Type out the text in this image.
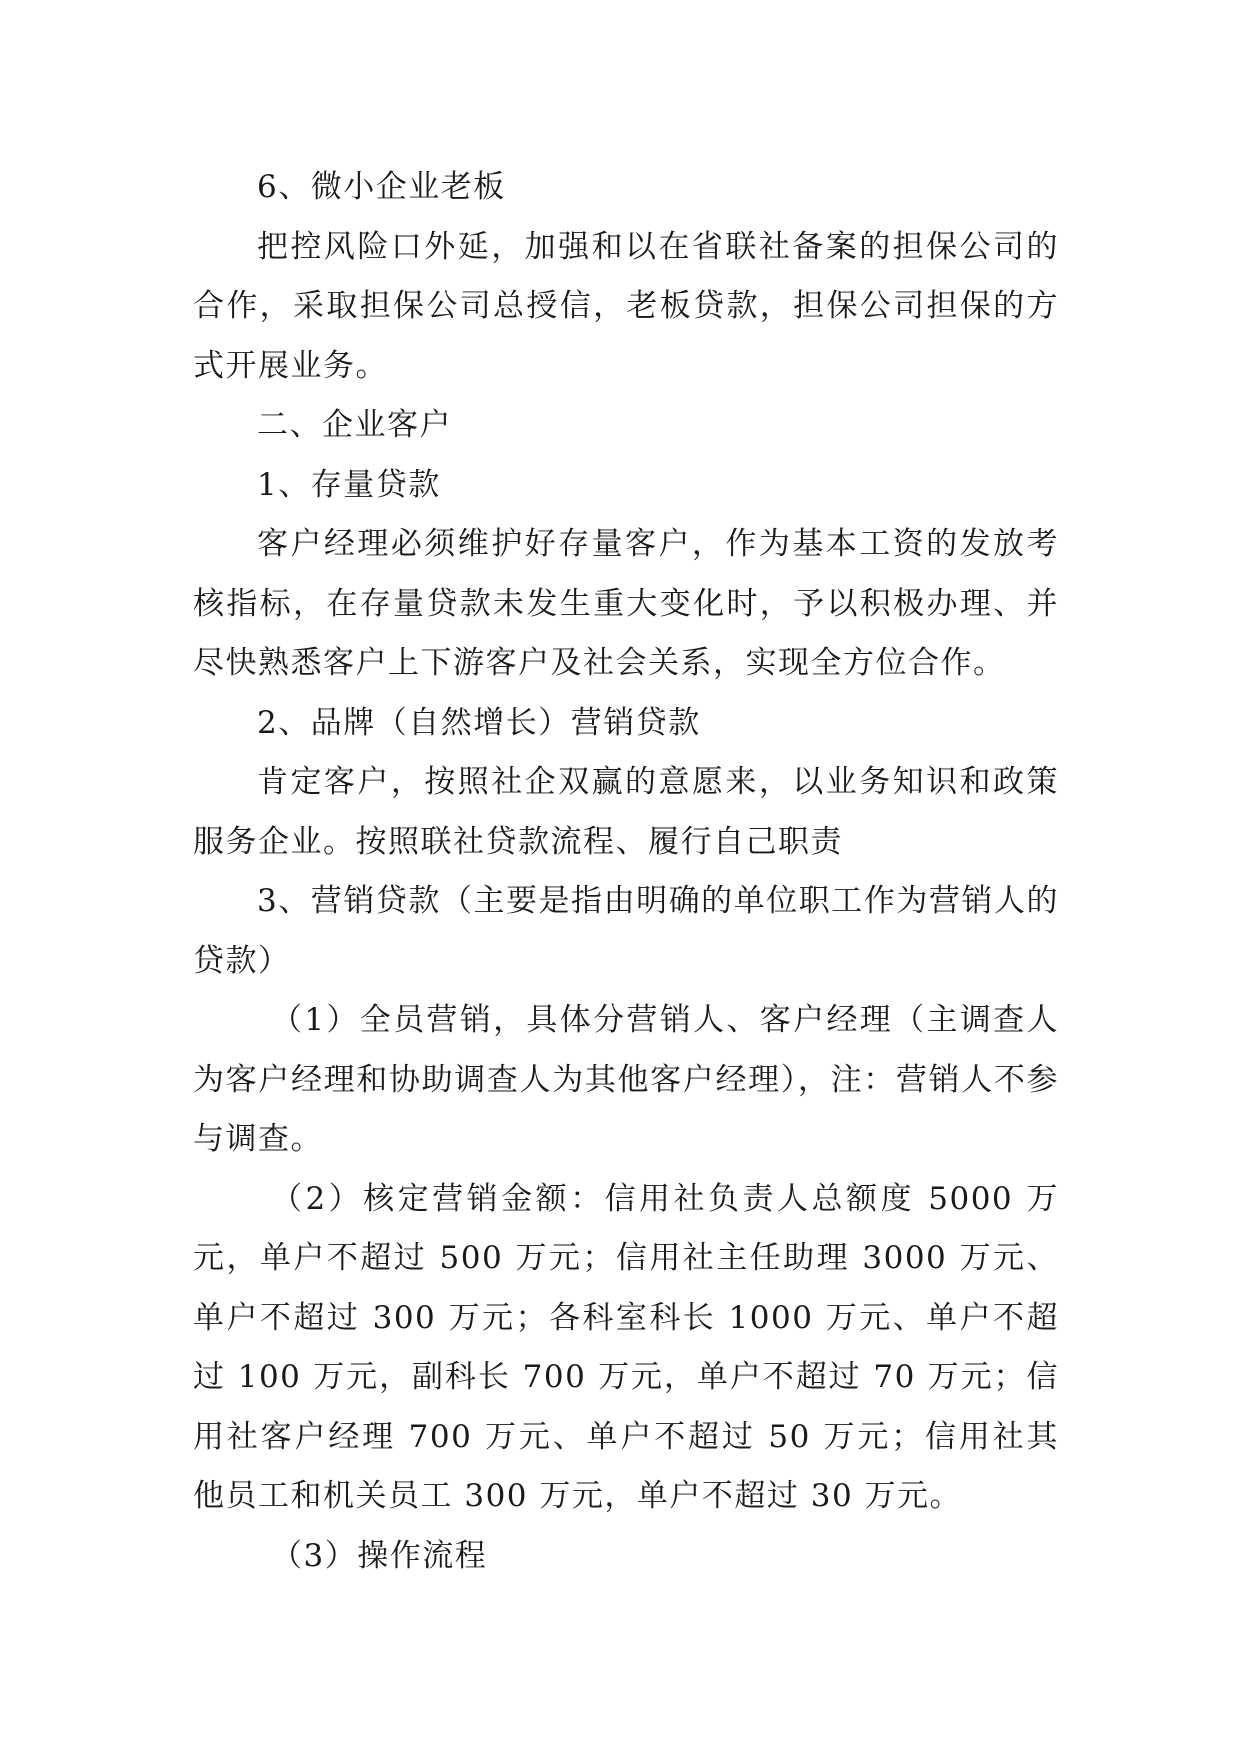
6、微小企业老板

把控风险口外延，加强和以在省联社备案的担保公司的合作，采取担保公司总授信，老板贷款，担保公司担保的方式开展业务。

二、企业客户

1、存量贷款

客户经理必须维护好存量客户，作为基本工资的发放考核指标，在存量贷款未发生重大变化时，予以积极办理、并尽快熟悉客户上下游客户及社会关系，实现全方位合作。

2、品牌（自然增长）营销贷款

肯定客户，按照社企双赢的意愿来，以业务知识和政策服务企业。按照联社贷款流程、履行自己职责

3、营销贷款（主要是指由明确的单位职工作为营销人的贷款）

（1）全员营销，具体分营销人、客户经理（主调查人为客户经理和协助调查人为其他客户经理），注：营销人不参与调查。

（2）核定营销金额：信用社负责人总额度 5000 万元，单户不超过 500 万元；信用社主任助理 3000 万元、单户不超过 300 万元；各科室科长 1000 万元、单户不超过 100 万元，副科长 700 万元，单户不超过 70 万元；信用社客户经理 700 万元、单户不超过 50 万元；信用社其他员工和机关员工 300 万元，单户不超过 30 万元。

（3）操作流程
